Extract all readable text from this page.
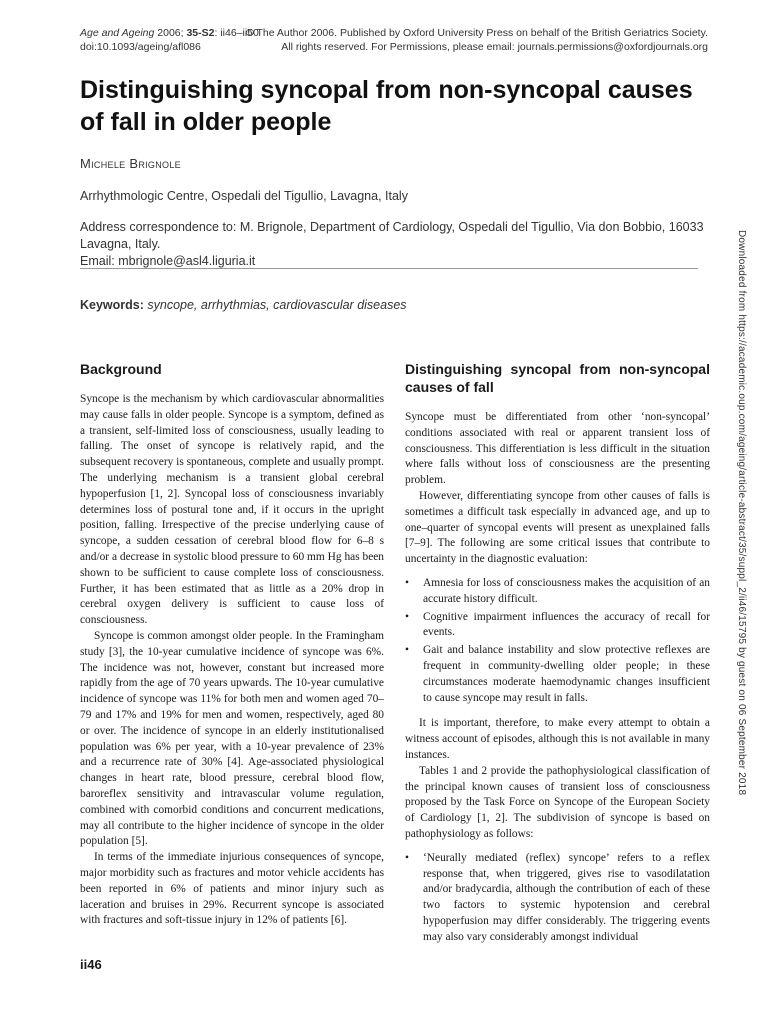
Age and Ageing 2006; 35-S2: ii46–ii50
doi:10.1093/ageing/afl086
© The Author 2006. Published by Oxford University Press on behalf of the British Geriatrics Society.
All rights reserved. For Permissions, please email: journals.permissions@oxfordjournals.org
Distinguishing syncopal from non-syncopal causes of fall in older people
Michele Brignole
Arrhythmologic Centre, Ospedali del Tigullio, Lavagna, Italy
Address correspondence to: M. Brignole, Department of Cardiology, Ospedali del Tigullio, Via don Bobbio, 16033 Lavagna, Italy.
Email: mbrignole@asl4.liguria.it
Keywords: syncope, arrhythmias, cardiovascular diseases
Background

Syncope is the mechanism by which cardiovascular abnormalities may cause falls in older people. Syncope is a symptom, defined as a transient, self-limited loss of consciousness, usually leading to falling. The onset of syncope is relatively rapid, and the subsequent recovery is spontaneous, complete and usually prompt. The underlying mechanism is a transient global cerebral hypoperfusion [1, 2]. Syncopal loss of consciousness invariably determines loss of postural tone and, if it occurs in the upright position, falling. Irrespective of the precise underlying cause of syncope, a sudden cessation of cerebral blood flow for 6–8 s and/or a decrease in systolic blood pressure to 60 mm Hg has been shown to be sufficient to cause complete loss of consciousness. Further, it has been estimated that as little as a 20% drop in cerebral oxygen delivery is sufficient to cause loss of consciousness.

Syncope is common amongst older people. In the Framingham study [3], the 10-year cumulative incidence of syncope was 6%. The incidence was not, however, constant but increased more rapidly from the age of 70 years upwards. The 10-year cumulative incidence of syncope was 11% for both men and women aged 70–79 and 17% and 19% for men and women, respectively, aged 80 or over. The incidence of syncope in an elderly institutionalised population was 6% per year, with a 10-year prevalence of 23% and a recurrence rate of 30% [4]. Age-associated physiological changes in heart rate, blood pressure, cerebral blood flow, baroreflex sensitivity and intravascular volume regulation, combined with comorbid conditions and concurrent medications, may all contribute to the higher incidence of syncope in the older population [5].

In terms of the immediate injurious consequences of syncope, major morbidity such as fractures and motor vehicle accidents has been reported in 6% of patients and minor injury such as laceration and bruises in 29%. Recurrent syncope is associated with fractures and soft-tissue injury in 12% of patients [6].

Distinguishing syncopal from non-syncopal causes of fall

Syncope must be differentiated from other ‘non-syncopal’ conditions associated with real or apparent transient loss of consciousness. This differentiation is less difficult in the situation where falls without loss of consciousness are the presenting problem.

However, differentiating syncope from other causes of falls is sometimes a difficult task especially in advanced age, and up to one–quarter of syncopal events will present as unexplained falls [7–9]. The following are some critical issues that contribute to uncertainty in the diagnostic evaluation:

• Amnesia for loss of consciousness makes the acquisition of an accurate history difficult.
• Cognitive impairment influences the accuracy of recall for events.
• Gait and balance instability and slow protective reflexes are frequent in community-dwelling older people; in these circumstances moderate haemodynamic changes insufficient to cause syncope may result in falls.

It is important, therefore, to make every attempt to obtain a witness account of episodes, although this is not available in many instances.

Tables 1 and 2 provide the pathophysiological classification of the principal known causes of transient loss of consciousness proposed by the Task Force on Syncope of the European Society of Cardiology [1, 2]. The subdivision of syncope is based on pathophysiology as follows:

• ‘Neurally mediated (reflex) syncope’ refers to a reflex response that, when triggered, gives rise to vasodilatation and/or bradycardia, although the contribution of each of these two factors to systemic hypotension and cerebral hypoperfusion may differ considerably. The triggering events may also vary considerably amongst individual
Downloaded from https://academic.oup.com/ageing/article-abstract/35/suppl_2/ii46/15795 by guest on 06 September 2018
ii46
